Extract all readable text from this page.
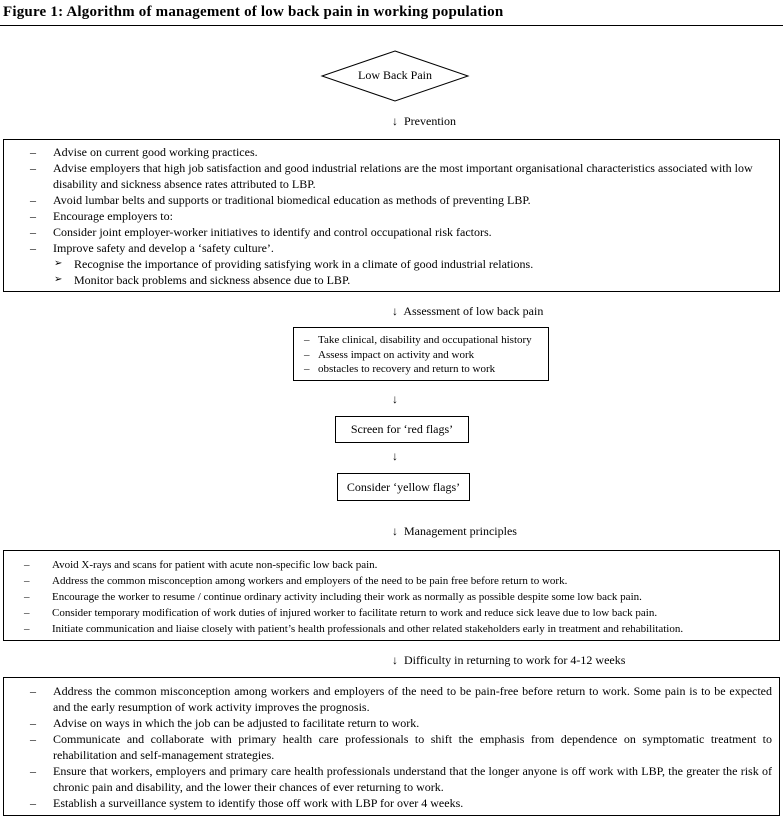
Figure 1: Algorithm of management of low back pain in working population
Low Back Pain
↓ Prevention
– Advise on current good working practices.
– Advise employers that high job satisfaction and good industrial relations are the most important organisational characteristics associated with low disability and sickness absence rates attributed to LBP.
– Avoid lumbar belts and supports or traditional biomedical education as methods of preventing LBP.
– Encourage employers to:
– Consider joint employer-worker initiatives to identify and control occupational risk factors.
– Improve safety and develop a ‘safety culture’.
➢ Recognise the importance of providing satisfying work in a climate of good industrial relations.
➢ Monitor back problems and sickness absence due to LBP.
↓ Assessment of low back pain
– Take clinical, disability and occupational history
– Assess impact on activity and work
– obstacles to recovery and return to work
↓
Screen for ‘red flags’
↓
Consider ‘yellow flags’
↓ Management principles
– Avoid X-rays and scans for patient with acute non-specific low back pain.
– Address the common misconception among workers and employers of the need to be pain free before return to work.
– Encourage the worker to resume / continue ordinary activity including their work as normally as possible despite some low back pain.
– Consider temporary modification of work duties of injured worker to facilitate return to work and reduce sick leave due to low back pain.
– Initiate communication and liaise closely with patient’s health professionals and other related stakeholders early in treatment and rehabilitation.
↓ Difficulty in returning to work for 4-12 weeks
– Address the common misconception among workers and employers of the need to be pain-free before return to work. Some pain is to be expected and the early resumption of work activity improves the prognosis.
– Advise on ways in which the job can be adjusted to facilitate return to work.
– Communicate and collaborate with primary health care professionals to shift the emphasis from dependence on symptomatic treatment to rehabilitation and self-management strategies.
– Ensure that workers, employers and primary care health professionals understand that the longer anyone is off work with LBP, the greater the risk of chronic pain and disability, and the lower their chances of ever returning to work.
– Establish a surveillance system to identify those off work with LBP for over 4 weeks.
